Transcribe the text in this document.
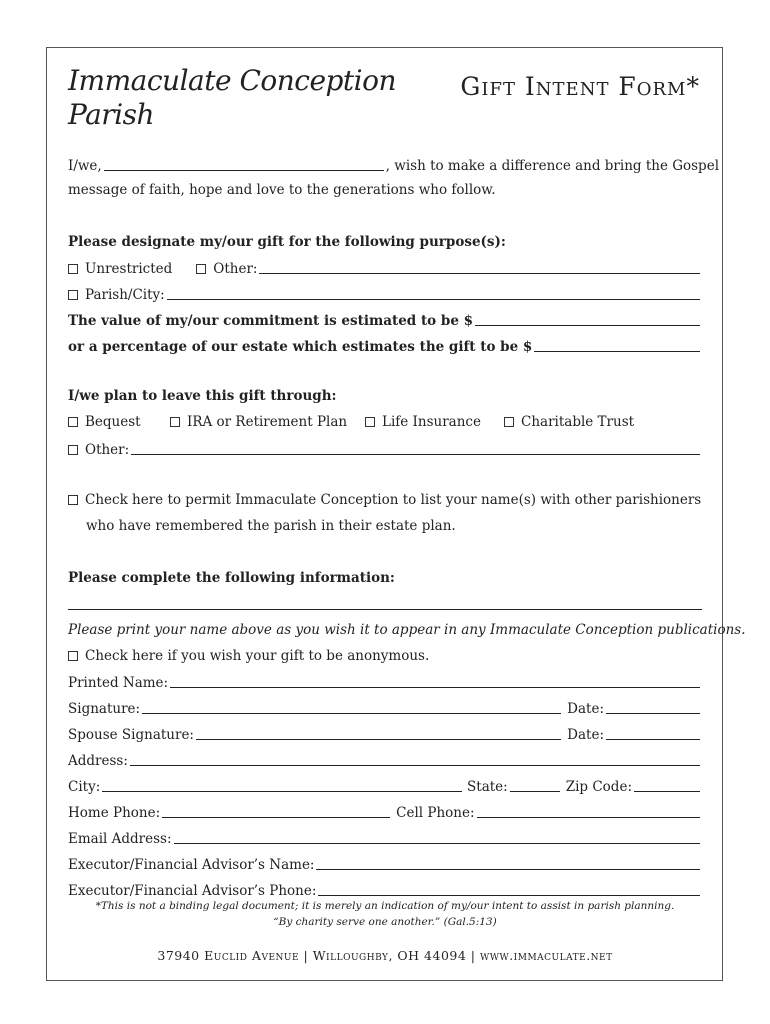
Immaculate Conception
Parish
Gift Intent Form*
I/we,	, wish to make a difference and bring the Gospel
message of faith, hope and love to the generations who follow.
Please designate my/our gift for the following purpose(s):
Unrestricted	Other:
Parish/City:
The value of my/our commitment is estimated to be $
or a percentage of our estate which estimates the gift to be $
I/we plan to leave this gift through:
Bequest	IRA or Retirement Plan	Life Insurance	Charitable Trust
Other:
Check here to permit Immaculate Conception to list your name(s) with other parishioners
who have remembered the parish in their estate plan.
Please complete the following information:
Please print your name above as you wish it to appear in any Immaculate Conception publications.
Check here if you wish your gift to be anonymous.
Printed Name:
Signature:	Date:
Spouse Signature:	Date:
Address:
City:	State:	Zip Code:
Home Phone:	Cell Phone:
Email Address:
Executor/Financial Advisor’s Name:
Executor/Financial Advisor’s Phone:
*This is not a binding legal document; it is merely an indication of my/our intent to assist in parish planning.
“By charity serve one another.” (Gal.5:13)
37940 Euclid Avenue | Willoughby, OH 44094 | www.immaculate.net
